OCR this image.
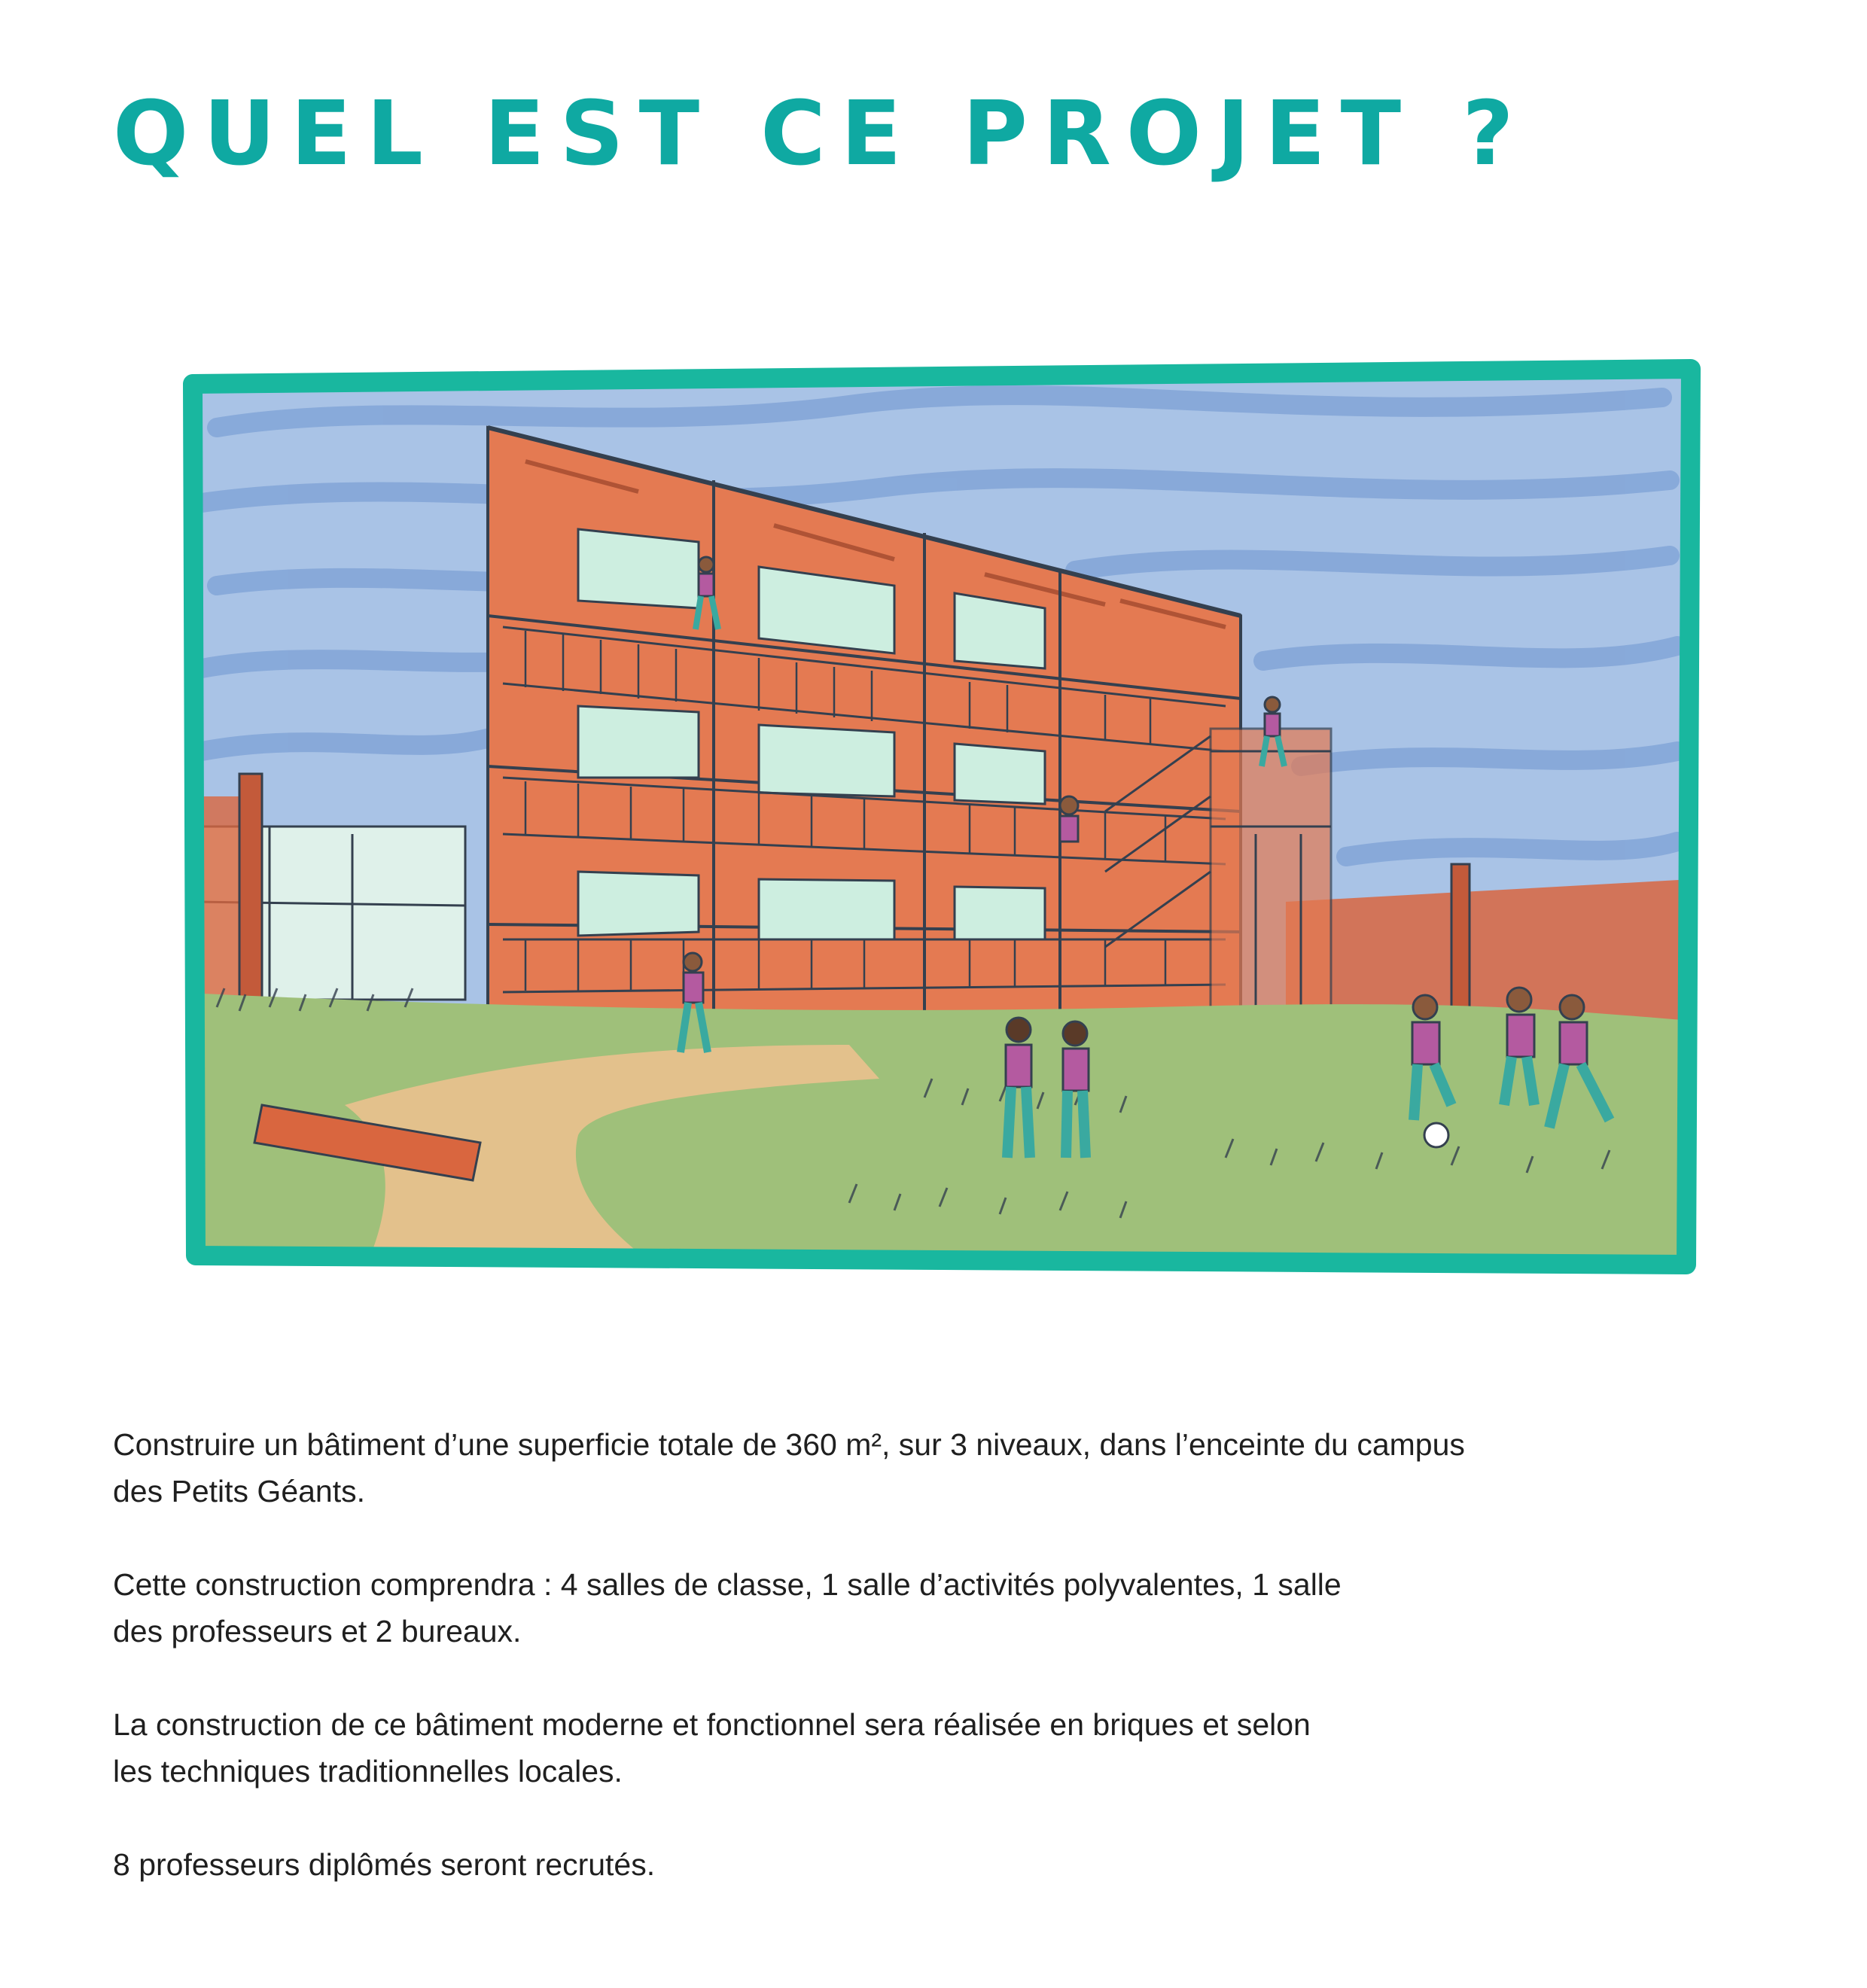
QUEL EST CE PROJET ?

Construire un bâtiment d’une superficie totale de 360 m², sur 3 niveaux, dans l’enceinte du campus
des Petits Géants.

Cette construction comprendra : 4 salles de classe, 1 salle d’activités polyvalentes, 1 salle
des professeurs et 2 bureaux.

La construction de ce bâtiment moderne et fonctionnel sera réalisée en briques et selon
les techniques traditionnelles locales.

8 professeurs diplômés seront recrutés.
